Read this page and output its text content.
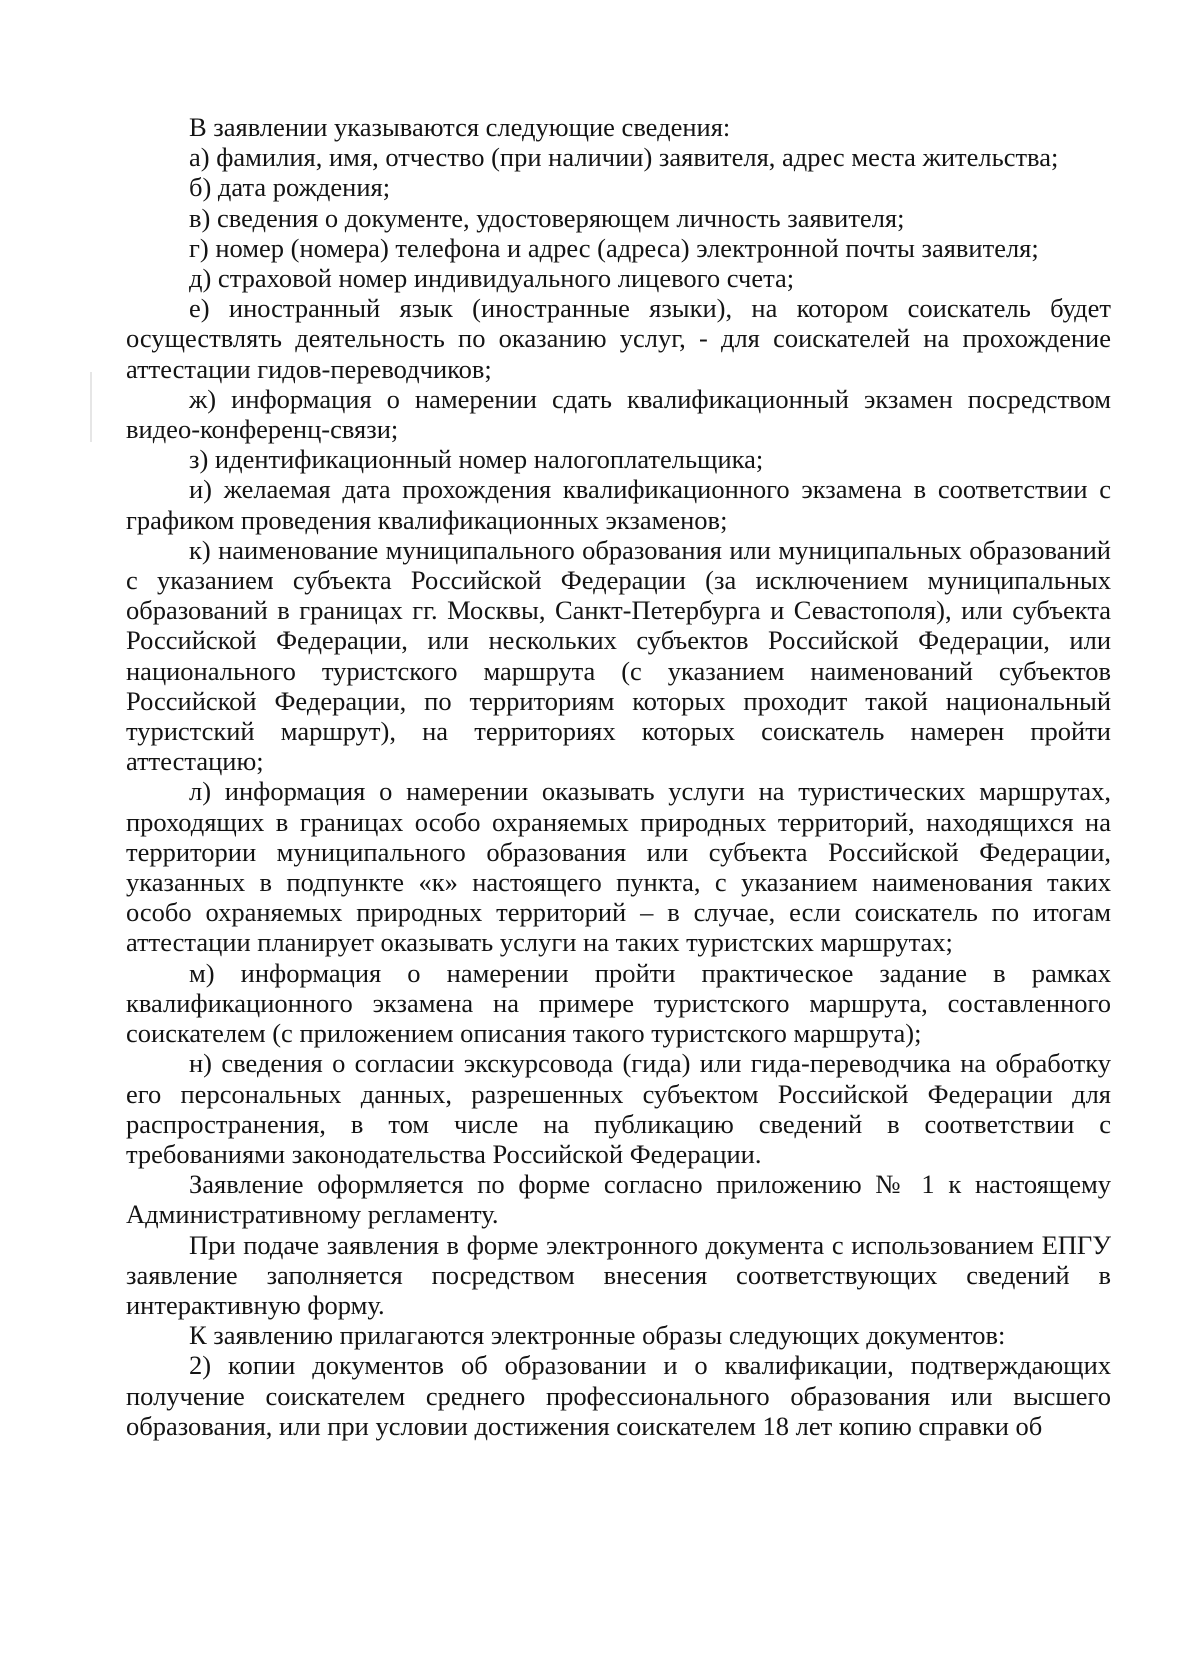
В заявлении указываются следующие сведения:

а) фамилия, имя, отчество (при наличии) заявителя, адрес места жительства;

б) дата рождения;

в) сведения о документе, удостоверяющем личность заявителя;

г) номер (номера) телефона и адрес (адреса) электронной почты заявителя;

д) страховой номер индивидуального лицевого счета;

е) иностранный язык (иностранные языки), на котором соискатель будет осуществлять деятельность по оказанию услуг, - для соискателей на прохождение аттестации гидов-переводчиков;

ж) информация о намерении сдать квалификационный экзамен посредством видео-конференц-связи;

з) идентификационный номер налогоплательщика;

и) желаемая дата прохождения квалификационного экзамена в соответствии с графиком проведения квалификационных экзаменов;

к) наименование муниципального образования или муниципальных образований с указанием субъекта Российской Федерации (за исключением муниципальных образований в границах гг. Москвы, Санкт-Петербурга и Севастополя), или субъекта Российской Федерации, или нескольких субъектов Российской Федерации, или национального туристского маршрута (с указанием наименований субъектов Российской Федерации, по территориям которых проходит такой национальный туристский маршрут), на территориях которых соискатель намерен пройти аттестацию;

л) информация о намерении оказывать услуги на туристических маршрутах, проходящих в границах особо охраняемых природных территорий, находящихся на территории муниципального образования или субъекта Российской Федерации, указанных в подпункте «к» настоящего пункта, с указанием наименования таких особо охраняемых природных территорий – в случае, если соискатель по итогам аттестации планирует оказывать услуги на таких туристских маршрутах;

м) информация о намерении пройти практическое задание в рамках квалификационного экзамена на примере туристского маршрута, составленного соискателем (с приложением описания такого туристского маршрута);

н) сведения о согласии экскурсовода (гида) или гида-переводчика на обработку его персональных данных, разрешенных субъектом Российской Федерации для распространения, в том числе на публикацию сведений в соответствии с требованиями законодательства Российской Федерации.

Заявление оформляется по форме согласно приложению № 1 к настоящему Административному регламенту.

При подаче заявления в форме электронного документа с использованием ЕПГУ заявление заполняется посредством внесения соответствующих сведений в интерактивную форму.

К заявлению прилагаются электронные образы следующих документов:

2) копии документов об образовании и о квалификации, подтверждающих получение соискателем среднего профессионального образования или высшего образования, или при условии достижения соискателем 18 лет копию справки об
